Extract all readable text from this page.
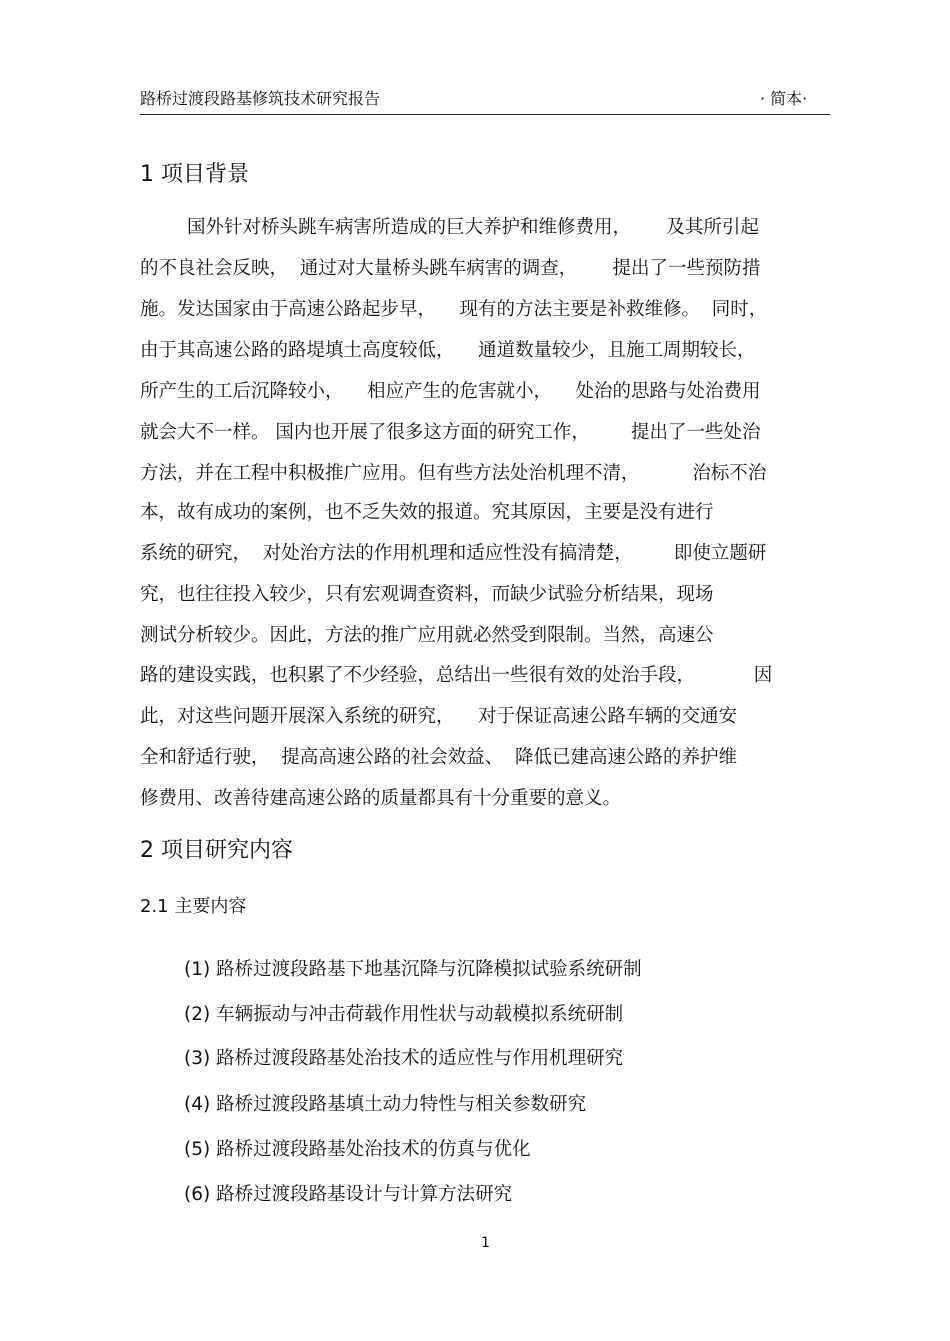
路桥过渡段路基修筑技术研究报告	· 简本·
1 项目背景
国外针对桥头跳车病害所造成的巨大养护和维修费用，      及其所引起
的不良社会反映，  通过对大量桥头跳车病害的调查，      提出了一些预防措
施。发达国家由于高速公路起步早，    现有的方法主要是补救维修。  同时，
由于其高速公路的路堤填土高度较低，    通道数量较少，且施工周期较长，
所产生的工后沉降较小，    相应产生的危害就小，    处治的思路与处治费用
就会大不一样。 国内也开展了很多这方面的研究工作，       提出了一些处治
方法，并在工程中积极推广应用。但有些方法处治机理不清，         治标不治
本，故有成功的案例，也不乏失效的报道。究其原因，主要是没有进行
系统的研究，  对处治方法的作用机理和适应性没有搞清楚，       即使立题研
究，也往往投入较少，只有宏观调查资料，而缺少试验分析结果，现场
测试分析较少。因此，方法的推广应用就必然受到限制。当然，高速公
路的建设实践，也积累了不少经验，总结出一些很有效的处治手段，          因
此，对这些问题开展深入系统的研究，    对于保证高速公路车辆的交通安
全和舒适行驶，  提高高速公路的社会效益、  降低已建高速公路的养护维
修费用、改善待建高速公路的质量都具有十分重要的意义。
2 项目研究内容
2.1 主要内容
(1) 路桥过渡段路基下地基沉降与沉降模拟试验系统研制
(2) 车辆振动与冲击荷载作用性状与动载模拟系统研制
(3) 路桥过渡段路基处治技术的适应性与作用机理研究
(4) 路桥过渡段路基填土动力特性与相关参数研究
(5) 路桥过渡段路基处治技术的仿真与优化
(6) 路桥过渡段路基设计与计算方法研究
1
